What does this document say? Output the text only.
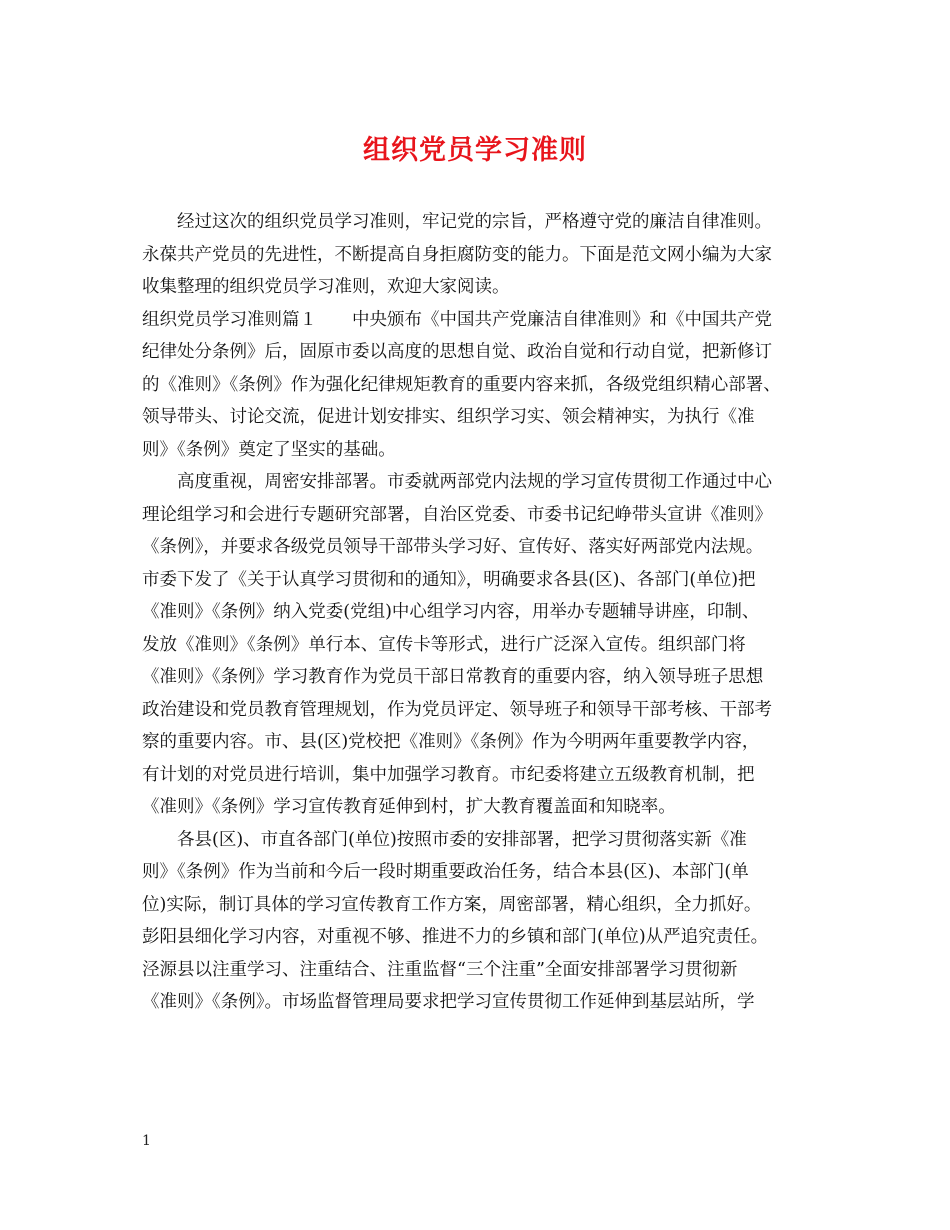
组织党员学习准则
　　经过这次的组织党员学习准则，牢记党的宗旨，严格遵守党的廉洁自律准则。
永葆共产党员的先进性，不断提高自身拒腐防变的能力。下面是范文网小编为大家
收集整理的组织党员学习准则，欢迎大家阅读。
组织党员学习准则篇１　　中央颁布《中国共产党廉洁自律准则》和《中国共产党
纪律处分条例》后，固原市委以高度的思想自觉、政治自觉和行动自觉，把新修订
的《准则》《条例》作为强化纪律规矩教育的重要内容来抓，各级党组织精心部署、
领导带头、讨论交流，促进计划安排实、组织学习实、领会精神实，为执行《准
则》《条例》奠定了坚实的基础。
　　高度重视，周密安排部署。市委就两部党内法规的学习宣传贯彻工作通过中心
理论组学习和会进行专题研究部署，自治区党委、市委书记纪峥带头宣讲《准则》
《条例》，并要求各级党员领导干部带头学习好、宣传好、落实好两部党内法规。
市委下发了《关于认真学习贯彻和的通知》，明确要求各县(区)、各部门(单位)把
《准则》《条例》纳入党委(党组)中心组学习内容，用举办专题辅导讲座，印制、
发放《准则》《条例》单行本、宣传卡等形式，进行广泛深入宣传。组织部门将
《准则》《条例》学习教育作为党员干部日常教育的重要内容，纳入领导班子思想
政治建设和党员教育管理规划，作为党员评定、领导班子和领导干部考核、干部考
察的重要内容。市、县(区)党校把《准则》《条例》作为今明两年重要教学内容，
有计划的对党员进行培训，集中加强学习教育。市纪委将建立五级教育机制，把
《准则》《条例》学习宣传教育延伸到村，扩大教育覆盖面和知晓率。
　　各县(区)、市直各部门(单位)按照市委的安排部署，把学习贯彻落实新《准
则》《条例》作为当前和今后一段时期重要政治任务，结合本县(区)、本部门(单
位)实际，制订具体的学习宣传教育工作方案，周密部署，精心组织，全力抓好。
彭阳县细化学习内容，对重视不够、推进不力的乡镇和部门(单位)从严追究责任。
泾源县以注重学习、注重结合、注重监督“三个注重”全面安排部署学习贯彻新
《准则》《条例》。市场监督管理局要求把学习宣传贯彻工作延伸到基层站所，学
1
